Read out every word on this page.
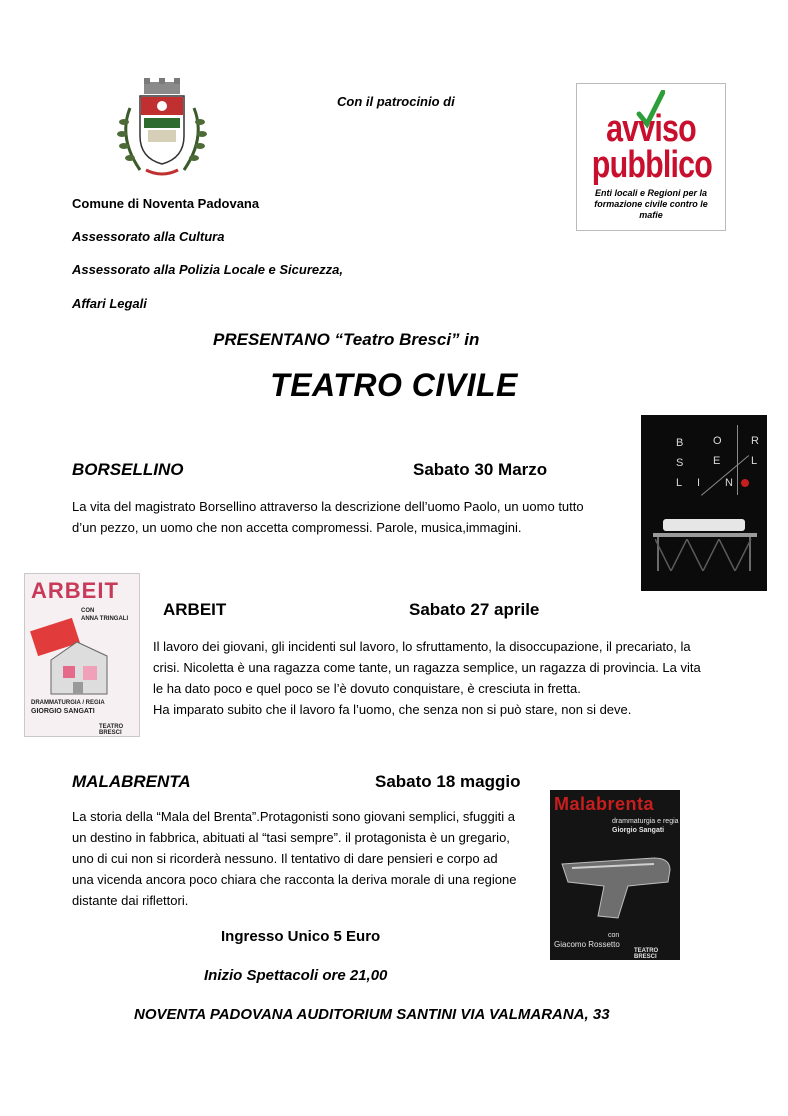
Con il patrocinio di
Comune di Noventa Padovana
Assessorato alla Cultura
Assessorato alla Polizia Locale e Sicurezza,
Affari Legali
avviso
pubblico
Enti locali e Regioni per la formazione civile contro le mafie
PRESENTANO “Teatro Bresci” in
TEATRO CIVILE
BORSELLINO	Sabato 30 Marzo
La vita del magistrato Borsellino attraverso la descrizione dell’uomo Paolo, un uomo tutto
d’un pezzo, un uomo che non accetta compromessi. Parole, musica,immagini.
B	O	R
S	E	L
L I N
ARBEIT
CON
ANNA TRINGALI
DRAMMATURGIA / REGIA
GIORGIO SANGATI
TEATRO BRESCI
ARBEIT	Sabato 27 aprile
Il lavoro dei giovani, gli incidenti sul lavoro, lo sfruttamento, la disoccupazione, il precariato, la
crisi. Nicoletta è una ragazza come tante, un ragazza semplice, un ragazza di provincia. La vita
le ha dato poco e quel poco se l’è dovuto conquistare, è cresciuta in fretta.
Ha imparato subito che il lavoro fa l’uomo, che senza non si può stare, non si deve.
MALABRENTA	Sabato 18 maggio
La storia della “Mala del Brenta”.Protagonisti sono giovani semplici, sfuggiti a
un destino in fabbrica, abituati al “tasi sempre”. il protagonista è un gregario,
uno di cui non si ricorderà nessuno. Il tentativo di dare pensieri e corpo ad
una vicenda ancora poco chiara che racconta la deriva morale di una regione
distante dai riflettori.
Malabrenta
drammaturgia e regia
Giorgio Sangati
con
Giacomo Rossetto
TEATRO BRESCI
Ingresso Unico 5 Euro
Inizio Spettacoli ore 21,00
NOVENTA PADOVANA AUDITORIUM SANTINI VIA VALMARANA, 33
